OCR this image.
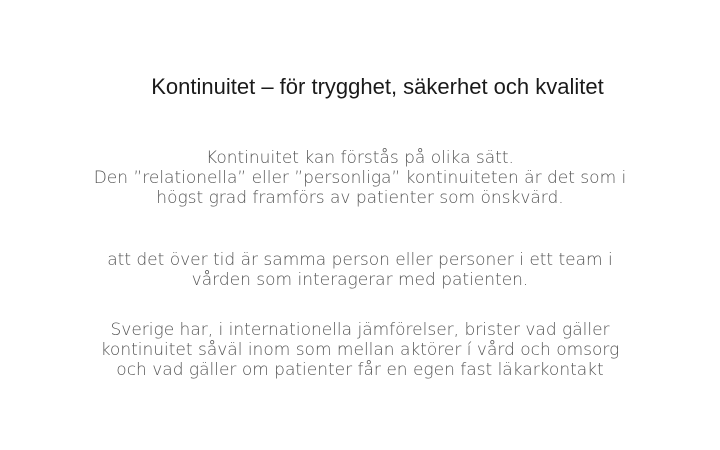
Kontinuitet – för trygghet, säkerhet och kvalitet
Kontinuitet kan förstås på olika sätt.
Den ”relationella” eller ”personliga” kontinuiteten är det som i
högst grad framförs av patienter som önskvärd.
att det över tid är samma person eller personer i ett team i
vården som interagerar med patienten.
Sverige har, i internationella jämförelser, brister vad gäller
kontinuitet såväl inom som mellan aktörer í vård och omsorg
och vad gäller om patienter får en egen fast läkarkontakt
